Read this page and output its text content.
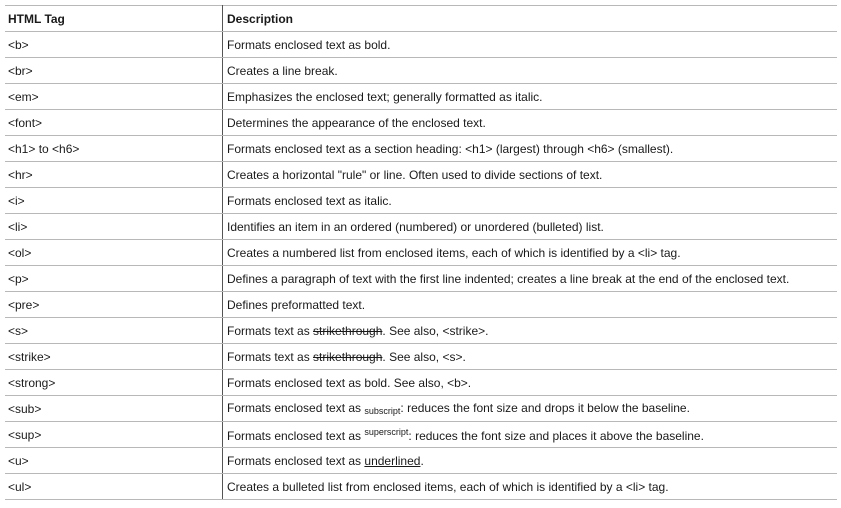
HTML Tag	Description
<b>	Formats enclosed text as bold.
<br>	Creates a line break.
<em>	Emphasizes the enclosed text; generally formatted as italic.
<font>	Determines the appearance of the enclosed text.
<h1> to <h6>	Formats enclosed text as a section heading: <h1> (largest) through <h6> (smallest).
<hr>	Creates a horizontal "rule" or line. Often used to divide sections of text.
<i>	Formats enclosed text as italic.
<li>	Identifies an item in an ordered (numbered) or unordered (bulleted) list.
<ol>	Creates a numbered list from enclosed items, each of which is identified by a <li> tag.
<p>	Defines a paragraph of text with the first line indented; creates a line break at the end of the enclosed text.
<pre>	Defines preformatted text.
<s>	Formats text as strikethrough. See also, <strike>.
<strike>	Formats text as strikethrough. See also, <s>.
<strong>	Formats enclosed text as bold. See also, <b>.
<sub>	Formats enclosed text as subscript: reduces the font size and drops it below the baseline.
<sup>	Formats enclosed text as $^{superscript}$: reduces the font size and places it above the baseline.
<u>	Formats enclosed text as underlined.
<ul>	Creates a bulleted list from enclosed items, each of which is identified by a <li> tag.
